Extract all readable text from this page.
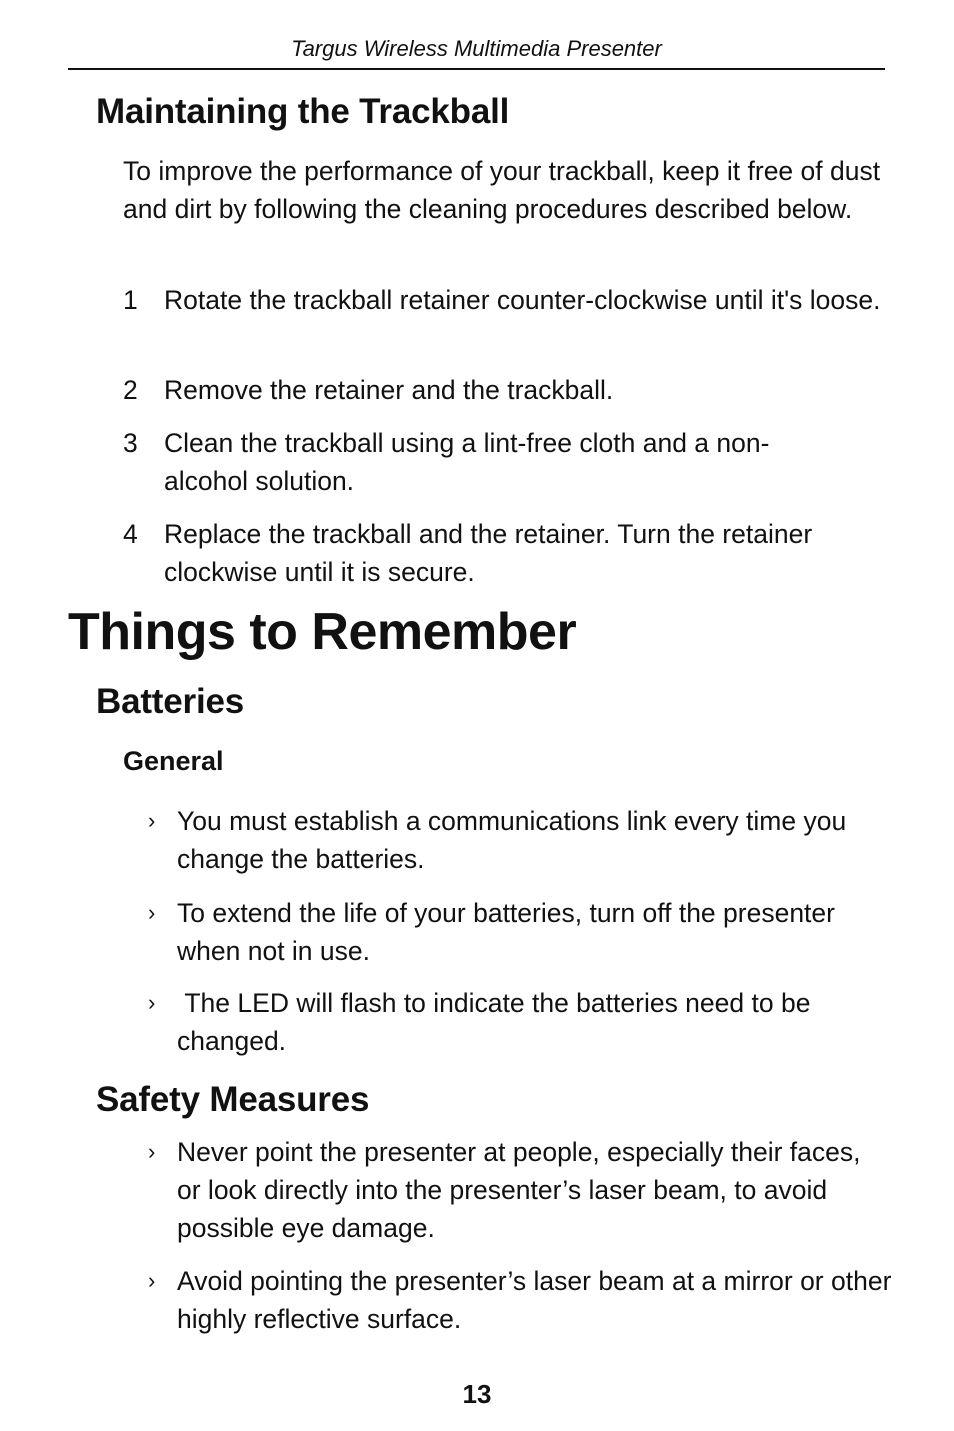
Targus Wireless Multimedia Presenter
Maintaining the Trackball

To improve the performance of your trackball, keep it free of dust and dirt by following the cleaning procedures described below.

1 Rotate the trackball retainer counter-clockwise until it's loose.
2 Remove the retainer and the trackball.
3 Clean the trackball using a lint-free cloth and a non-alcohol solution.
4 Replace the trackball and the retainer. Turn the retainer clockwise until it is secure.
Things to Remember
Batteries
General
› You must establish a communications link every time you change the batteries.
› To extend the life of your batteries, turn off the presenter when not in use.
› The LED will flash to indicate the batteries need to be changed.
Safety Measures
› Never point the presenter at people, especially their faces, or look directly into the presenter’s laser beam, to avoid possible eye damage.
› Avoid pointing the presenter’s laser beam at a mirror or other highly reflective surface.
13
